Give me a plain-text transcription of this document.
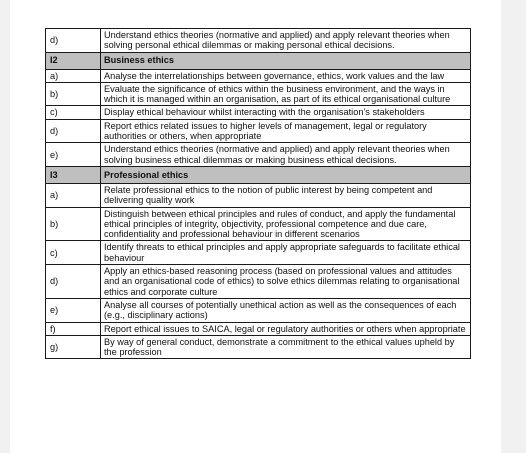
d)	Understand ethics theories (normative and applied) and apply relevant theories when solving personal ethical dilemmas or making personal ethical decisions.
I2	Business ethics
a)	Analyse the interrelationships between governance, ethics, work values and the law
b)	Evaluate the significance of ethics within the business environment, and the ways in which it is managed within an organisation, as part of its ethical organisational culture
c)	Display ethical behaviour whilst interacting with the organisation’s stakeholders
d)	Report ethics related issues to higher levels of management, legal or regulatory authorities or others, when appropriate
e)	Understand ethics theories (normative and applied) and apply relevant theories when solving business ethical dilemmas or making business ethical decisions.
I3	Professional ethics
a)	Relate professional ethics to the notion of public interest by being competent and delivering quality work
b)	Distinguish between ethical principles and rules of conduct, and apply the fundamental ethical principles of integrity, objectivity, professional competence and due care, confidentiality and professional behaviour in different scenarios
c)	Identify threats to ethical principles and apply appropriate safeguards to facilitate ethical behaviour
d)	Apply an ethics-based reasoning process (based on professional values and attitudes and an organisational code of ethics) to solve ethics dilemmas relating to organisational ethics and corporate culture
e)	Analyse all courses of potentially unethical action as well as the consequences of each (e.g., disciplinary actions)
f)	Report ethical issues to SAICA, legal or regulatory authorities or others when appropriate
g)	By way of general conduct, demonstrate a commitment to the ethical values upheld by the profession
